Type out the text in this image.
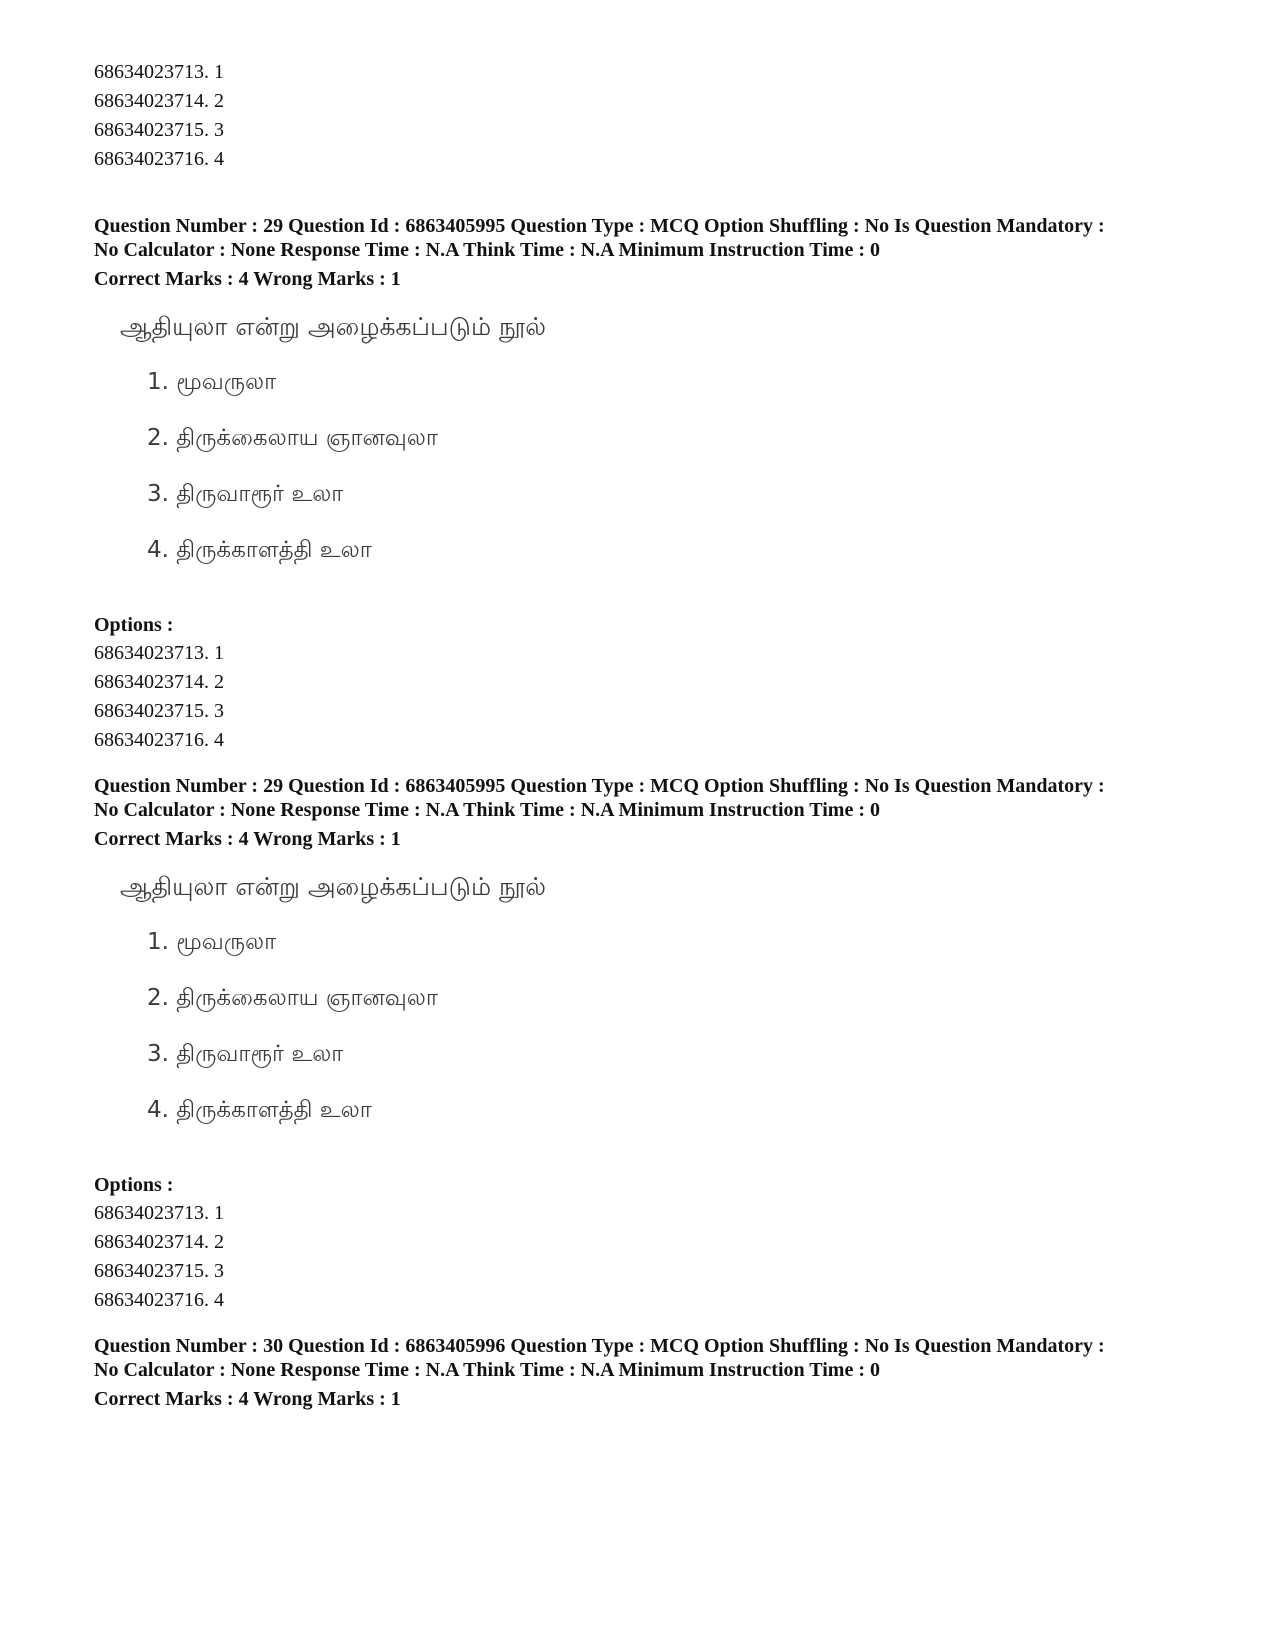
68634023713. 1
68634023714. 2
68634023715. 3
68634023716. 4
Question Number : 29 Question Id : 6863405995 Question Type : MCQ Option Shuffling : No Is Question Mandatory :
No Calculator : None Response Time : N.A Think Time : N.A Minimum Instruction Time : 0
Correct Marks : 4 Wrong Marks : 1
ஆதியுலா என்று அழைக்கப்படும் நூல்
1. மூவருலா
2. திருக்கைலாய ஞானவுலா
3. திருவாரூர் உலா
4. திருக்காளத்தி உலா
Options :
68634023713. 1
68634023714. 2
68634023715. 3
68634023716. 4
Question Number : 29 Question Id : 6863405995 Question Type : MCQ Option Shuffling : No Is Question Mandatory :
No Calculator : None Response Time : N.A Think Time : N.A Minimum Instruction Time : 0
Correct Marks : 4 Wrong Marks : 1
ஆதியுலா என்று அழைக்கப்படும் நூல்
1. மூவருலா
2. திருக்கைலாய ஞானவுலா
3. திருவாரூர் உலா
4. திருக்காளத்தி உலா
Options :
68634023713. 1
68634023714. 2
68634023715. 3
68634023716. 4
Question Number : 30 Question Id : 6863405996 Question Type : MCQ Option Shuffling : No Is Question Mandatory :
No Calculator : None Response Time : N.A Think Time : N.A Minimum Instruction Time : 0
Correct Marks : 4 Wrong Marks : 1
